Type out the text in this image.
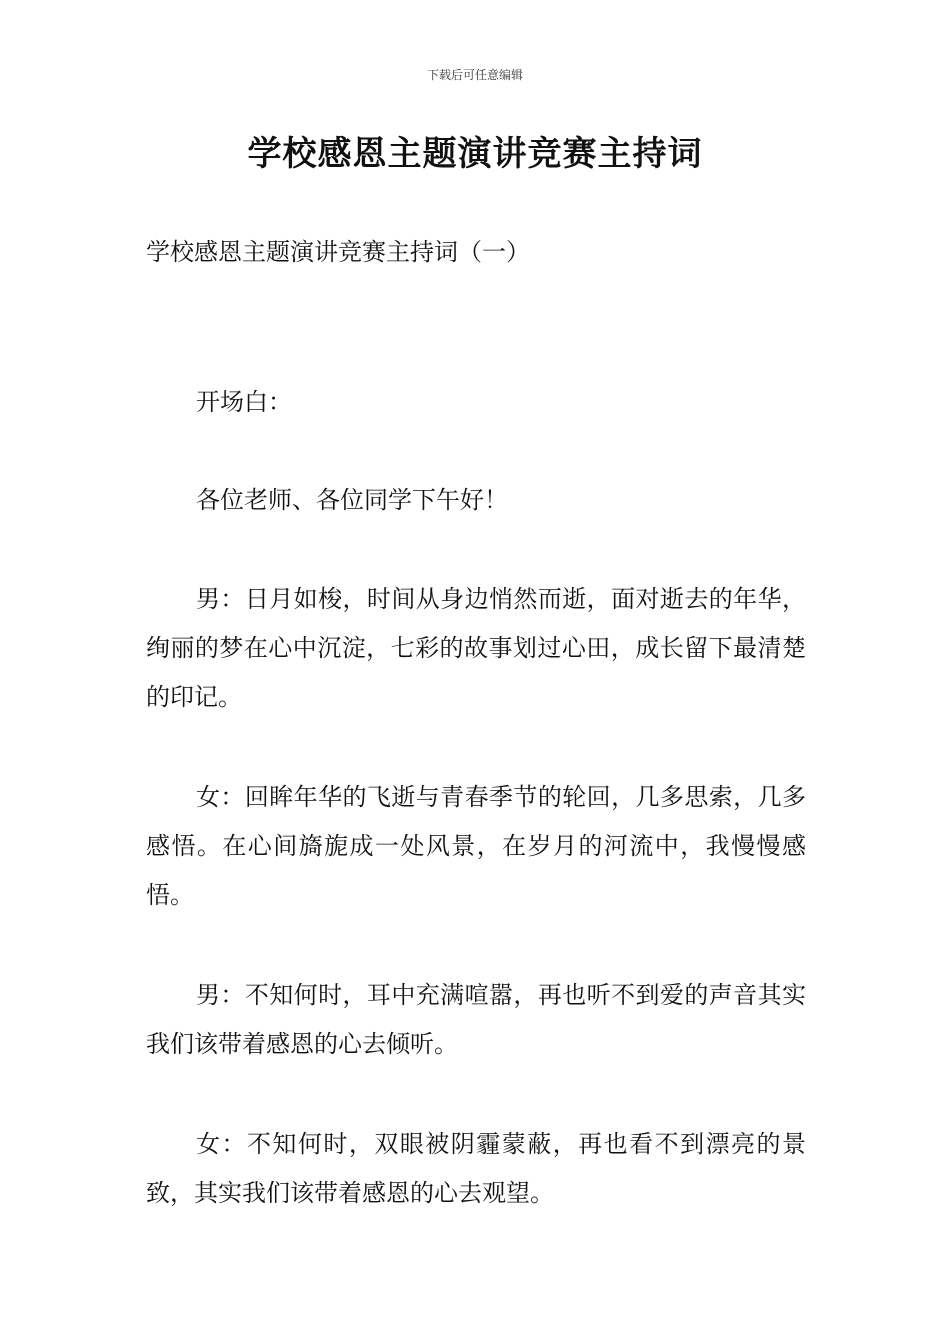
下载后可任意编辑
学校感恩主题演讲竞赛主持词

学校感恩主题演讲竞赛主持词（一）

开场白：

各位老师、各位同学下午好！

男：日月如梭，时间从身边悄然而逝，面对逝去的年华，绚丽的梦在心中沉淀，七彩的故事划过心田，成长留下最清楚的印记。

女：回眸年华的飞逝与青春季节的轮回，几多思索，几多感悟。在心间旖旎成一处风景，在岁月的河流中，我慢慢感悟。

男：不知何时，耳中充满喧嚣，再也听不到爱的声音其实我们该带着感恩的心去倾听。

女：不知何时，双眼被阴霾蒙蔽，再也看不到漂亮的景致，其实我们该带着感恩的心去观望。
